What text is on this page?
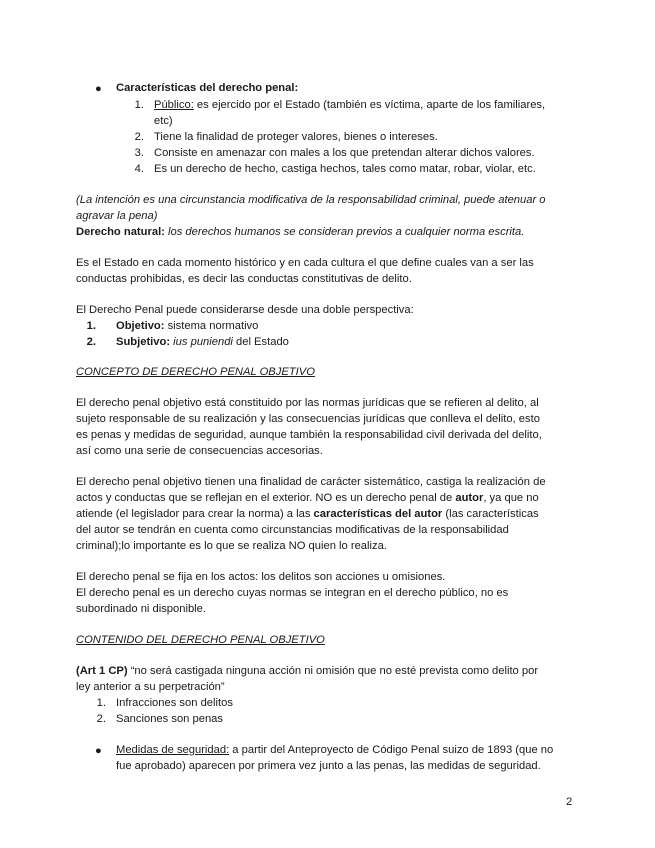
● Características del derecho penal:
1. Público: es ejercido por el Estado (también es víctima, aparte de los familiares,
etc)
2. Tiene la finalidad de proteger valores, bienes o intereses.
3. Consiste en amenazar con males a los que pretendan alterar dichos valores.
4. Es un derecho de hecho, castiga hechos, tales como matar, robar, violar, etc.
(La intención es una circunstancia modificativa de la responsabilidad criminal, puede atenuar o
agravar la pena)
Derecho natural: los derechos humanos se consideran previos a cualquier norma escrita.
Es el Estado en cada momento histórico y en cada cultura el que define cuales van a ser las
conductas prohibidas, es decir las conductas constitutivas de delito.
El Derecho Penal puede considerarse desde una doble perspectiva:
1. Objetivo: sistema normativo
2. Subjetivo: ius puniendi del Estado
CONCEPTO DE DERECHO PENAL OBJETIVO
El derecho penal objetivo está constituido por las normas jurídicas que se refieren al delito, al
sujeto responsable de su realización y las consecuencias jurídicas que conlleva el delito, esto
es penas y medidas de seguridad, aunque también la responsabilidad civil derivada del delito,
así como una serie de consecuencias accesorias.
El derecho penal objetivo tienen una finalidad de carácter sistemático, castiga la realización de
actos y conductas que se reflejan en el exterior. NO es un derecho penal de autor, ya que no
atiende (el legislador para crear la norma) a las características del autor (las características
del autor se tendrán en cuenta como circunstancias modificativas de la responsabilidad
criminal);lo importante es lo que se realiza NO quien lo realiza.
El derecho penal se fija en los actos: los delitos son acciones u omisiones.
El derecho penal es un derecho cuyas normas se integran en el derecho público, no es
subordinado ni disponible.
CONTENIDO DEL DERECHO PENAL OBJETIVO
(Art 1 CP) “no será castigada ninguna acción ni omisión que no esté prevista como delito por
ley anterior a su perpetración”
1. Infracciones son delitos
2. Sanciones son penas
● Medidas de seguridad: a partir del Anteproyecto de Código Penal suizo de 1893 (que no
fue aprobado) aparecen por primera vez junto a las penas, las medidas de seguridad.
2
